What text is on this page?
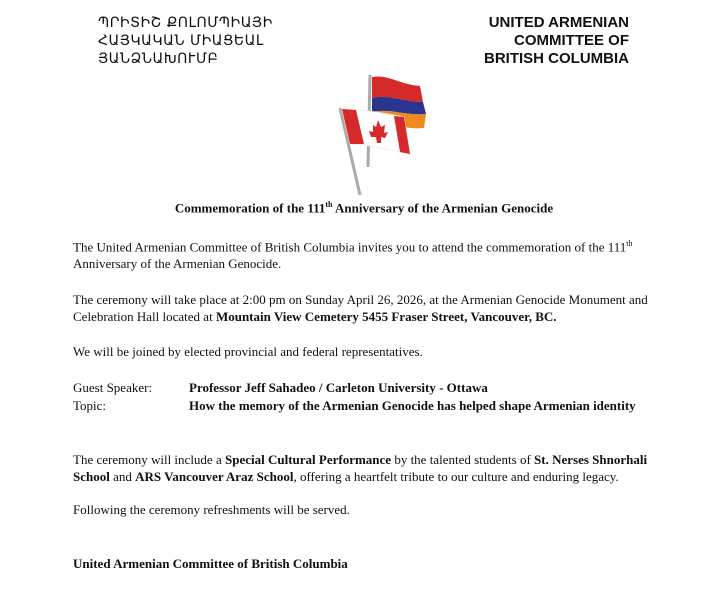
ՊՐԻՏԻՇ ՔՈԼՈՄՊԻԱՅԻ
ՀԱՅԿԱԿԱՆ ՄԻԱՑԵԱԼ
ՅԱՆՁՆԱԽՈՒՄԲ
UNITED ARMENIAN
COMMITTEE OF
BRITISH COLUMBIA
Commemoration of the 111th Anniversary of the Armenian Genocide
The United Armenian Committee of British Columbia invites you to attend the commemoration of the 111th Anniversary of the Armenian Genocide.
The ceremony will take place at 2:00 pm on Sunday April 26, 2026, at the Armenian Genocide Monument and Celebration Hall located at Mountain View Cemetery 5455 Fraser Street, Vancouver, BC.
We will be joined by elected provincial and federal representatives.
Guest Speaker:	Professor Jeff Sahadeo / Carleton University - Ottawa
Topic:	How the memory of the Armenian Genocide has helped shape Armenian identity
The ceremony will include a Special Cultural Performance by the talented students of St. Nerses Shnorhali School and ARS Vancouver Araz School, offering a heartfelt tribute to our culture and enduring legacy.
Following the ceremony refreshments will be served.
United Armenian Committee of British Columbia
